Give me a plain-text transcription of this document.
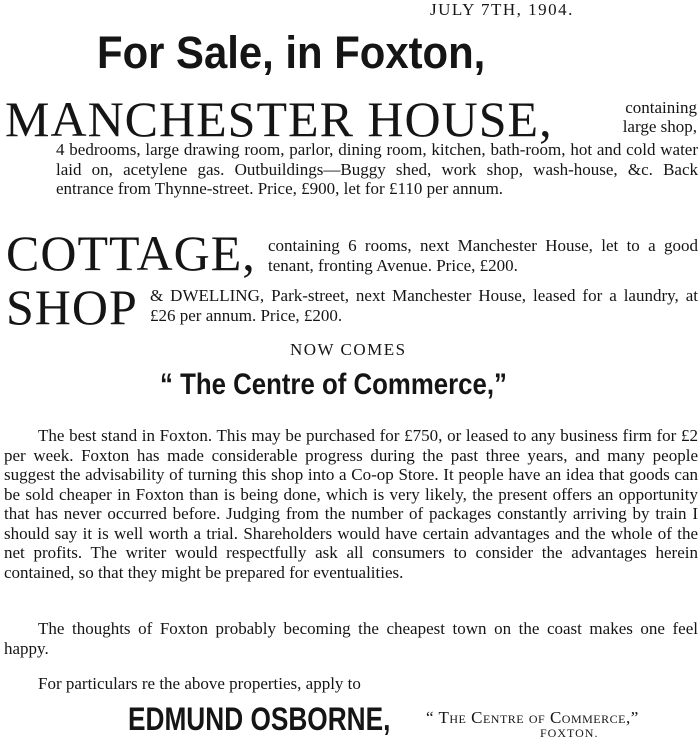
JULY 7TH, 1904.
For Sale, in Foxton,
MANCHESTER HOUSE,	containing large shop,
4 bedrooms, large drawing room, parlor, dining room, kitchen, bath-room, hot and cold water laid on, acetylene gas. Outbuildings—Buggy shed, work shop, wash-house, &c. Back entrance from Thynne-street. Price, £900, let for £110 per annum.
COTTAGE, containing 6 rooms, next Manchester House, let to a good tenant, fronting Avenue. Price, £200.
SHOP & DWELLING, Park-street, next Manchester House, leased for a laundry, at £26 per annum. Price, £200.
NOW COMES
“ The Centre of Commerce,”
The best stand in Foxton. This may be purchased for £750, or leased to any business firm for £2 per week. Foxton has made considerable progress during the past three years, and many people suggest the advisability of turning this shop into a Co-op Store. It people have an idea that goods can be sold cheaper in Foxton than is being done, which is very likely, the present offers an opportunity that has never occurred before. Judging from the number of packages constantly arriving by train I should say it is well worth a trial. Shareholders would have certain advantages and the whole of the net profits. The writer would respectfully ask all consumers to consider the advantages herein contained, so that they might be prepared for eventualities.
The thoughts of Foxton probably becoming the cheapest town on the coast makes one feel happy.
For particulars re the above properties, apply to
EDMUND OSBORNE, “ The Centre of Commerce,”
FOXTON.
